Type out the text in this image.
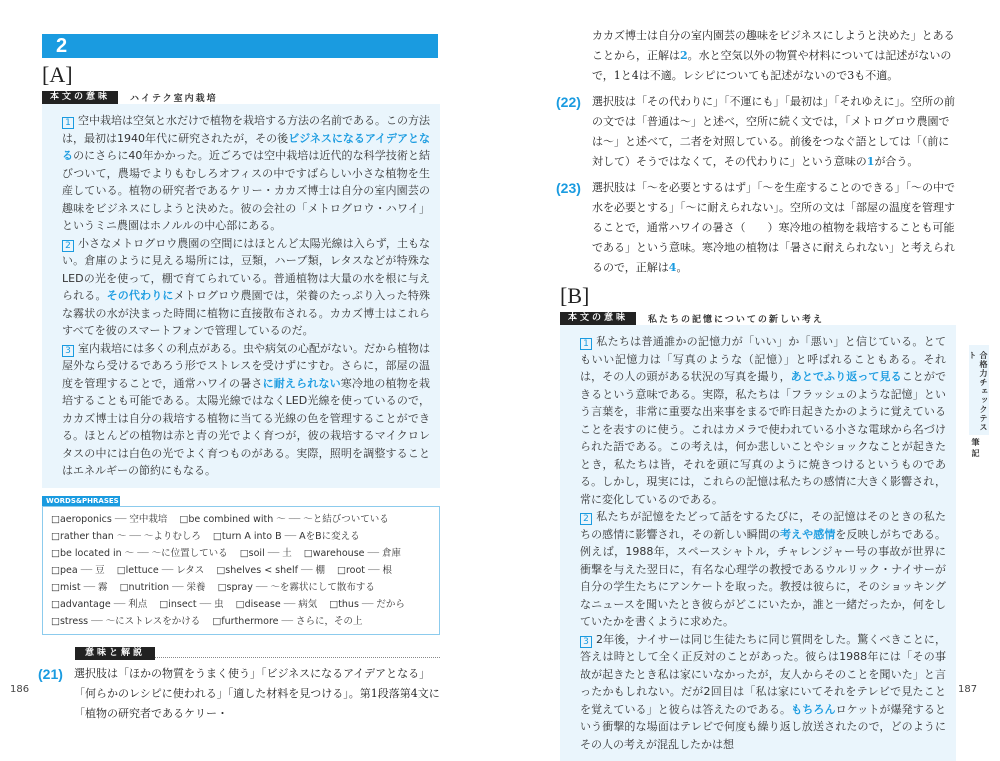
2
[A]
本文の意味	ハイテク室内栽培

1 空中栽培は空気と水だけで植物を栽培する方法の名前である。この方法は，最初は1940年代に研究されたが，その後ビジネスになるアイデアとなるのにさらに40年かかった。近ごろでは空中栽培は近代的な科学技術と結びついて，農場でよりもむしろオフィスの中ですばらしい小さな植物を生産している。植物の研究者であるケリー・カカズ博士は自分の室内園芸の趣味をビジネスにしようと決めた。彼の会社の「メトログロウ・ハワイ」というミニ農園はホノルルの中心部にある。

2 小さなメトログロウ農園の空間にはほとんど太陽光線は入らず，土もない。倉庫のように見える場所には，豆類，ハーブ類，レタスなどが特殊なLEDの光を使って，棚で育てられている。普通植物は大量の水を根に与えられる。その代わりにメトログロウ農園では，栄養のたっぷり入った特殊な霧状の水が決まった時間に植物に直接散布される。カカズ博士はこれらすべてを彼のスマートフォンで管理しているのだ。

3 室内栽培には多くの利点がある。虫や病気の心配がない。だから植物は屋外なら受けるであろう形でストレスを受けずにすむ。さらに，部屋の温度を管理することで，通常ハワイの暑さに耐えられない寒冷地の植物を栽培することも可能である。太陽光線ではなくLED光線を使っているので，カカズ博士は自分の栽培する植物に当てる光線の色を管理することができる。ほとんどの植物は赤と青の光でよく育つが，彼の栽培するマイクロレタスの中には白色の光でよく育つものがある。実際，照明を調整することはエネルギーの節約にもなる。

WORDS&PHRASES
□aeroponics ── 空中栽培 □be combined with ～ ── ～と結びついている
□rather than ～ ── ～よりむしろ □turn A into B ── AをBに変える
□be located in ～ ── ～に位置している □soil ── 土 □warehouse ── 倉庫
□pea ── 豆 □lettuce ── レタス □shelves < shelf ── 棚 □root ── 根
□mist ── 霧 □nutrition ── 栄養 □spray ── ～を霧状にして散布する
□advantage ── 利点 □insect ── 虫 □disease ── 病気 □thus ── だから
□stress ── ～にストレスをかける □furthermore ── さらに，その上
意味と解説
(21) 選択肢は「ほかの物質をうまく使う」「ビジネスになるアイデアとなる」「何らかのレシピに使われる」「適した材料を見つける」。第1段落第4文に「植物の研究者であるケリー・
186
カカズ博士は自分の室内園芸の趣味をビジネスにしようと決めた」とあることから，正解は2。水と空気以外の物質や材料については記述がないので，1と4は不適。レシピについても記述がないので3も不適。
(22) 選択肢は「その代わりに」「不運にも」「最初は」「それゆえに」。空所の前の文では「普通は～」と述べ，空所に続く文では，「メトログロウ農園では～」と述べて，二者を対照している。前後をつなぐ語としては「（前に対して）そうではなくて，その代わりに」という意味の1が合う。
(23) 選択肢は「～を必要とするはず」「～を生産することのできる」「～の中で水を必要とする」「～に耐えられない」。空所の文は「部屋の温度を管理することで，通常ハワイの暑さ（　　）寒冷地の植物を栽培することも可能である」という意味。寒冷地の植物は「暑さに耐えられない」と考えられるので，正解は4。
[B]
本文の意味	私たちの記憶についての新しい考え

1 私たちは普通誰かの記憶力が「いい」か「悪い」と信じている。とてもいい記憶力は「写真のような（記憶）」と呼ばれることもある。それは，その人の頭がある状況の写真を撮り，あとでふり返って見ることができるという意味である。実際，私たちは「フラッシュのような記憶」という言葉を，非常に重要な出来事をまるで昨日起きたかのように覚えていることを表すのに使う。これはカメラで使われている小さな電球から名づけられた語である。この考えは，何か悲しいことやショックなことが起きたとき，私たちは皆，それを頭に写真のように焼きつけるというものである。しかし，現実には，これらの記憶は私たちの感情に大きく影響され，常に変化しているのである。

2 私たちが記憶をたどって話をするたびに，その記憶はそのときの私たちの感情に影響され，その新しい瞬間の考えや感情を反映しがちである。例えば，1988年，スペースシャトル，チャレンジャー号の事故が世界に衝撃を与えた翌日に，有名な心理学の教授であるウルリック・ナイサーが自分の学生たちにアンケートを取った。教授は彼らに，そのショッキングなニュースを聞いたとき彼らがどこにいたか，誰と一緒だったか，何をしていたかを書くように求めた。

3 2年後，ナイサーは同じ生徒たちに同じ質問をした。驚くべきことに，答えは時として全く正反対のことがあった。彼らは1988年には「その事故が起きたとき私は家にいなかったが，友人からそのことを聞いた」と言ったかもしれない。だが2回目は「私は家にいてそれをテレビで見たことを覚えている」と彼らは答えたのである。もちろんロケットが爆発するという衝撃的な場面はテレビで何度も繰り返し放送されたので，どのようにその人の考えが混乱したかは想

合格力チェックテスト
筆記
187
